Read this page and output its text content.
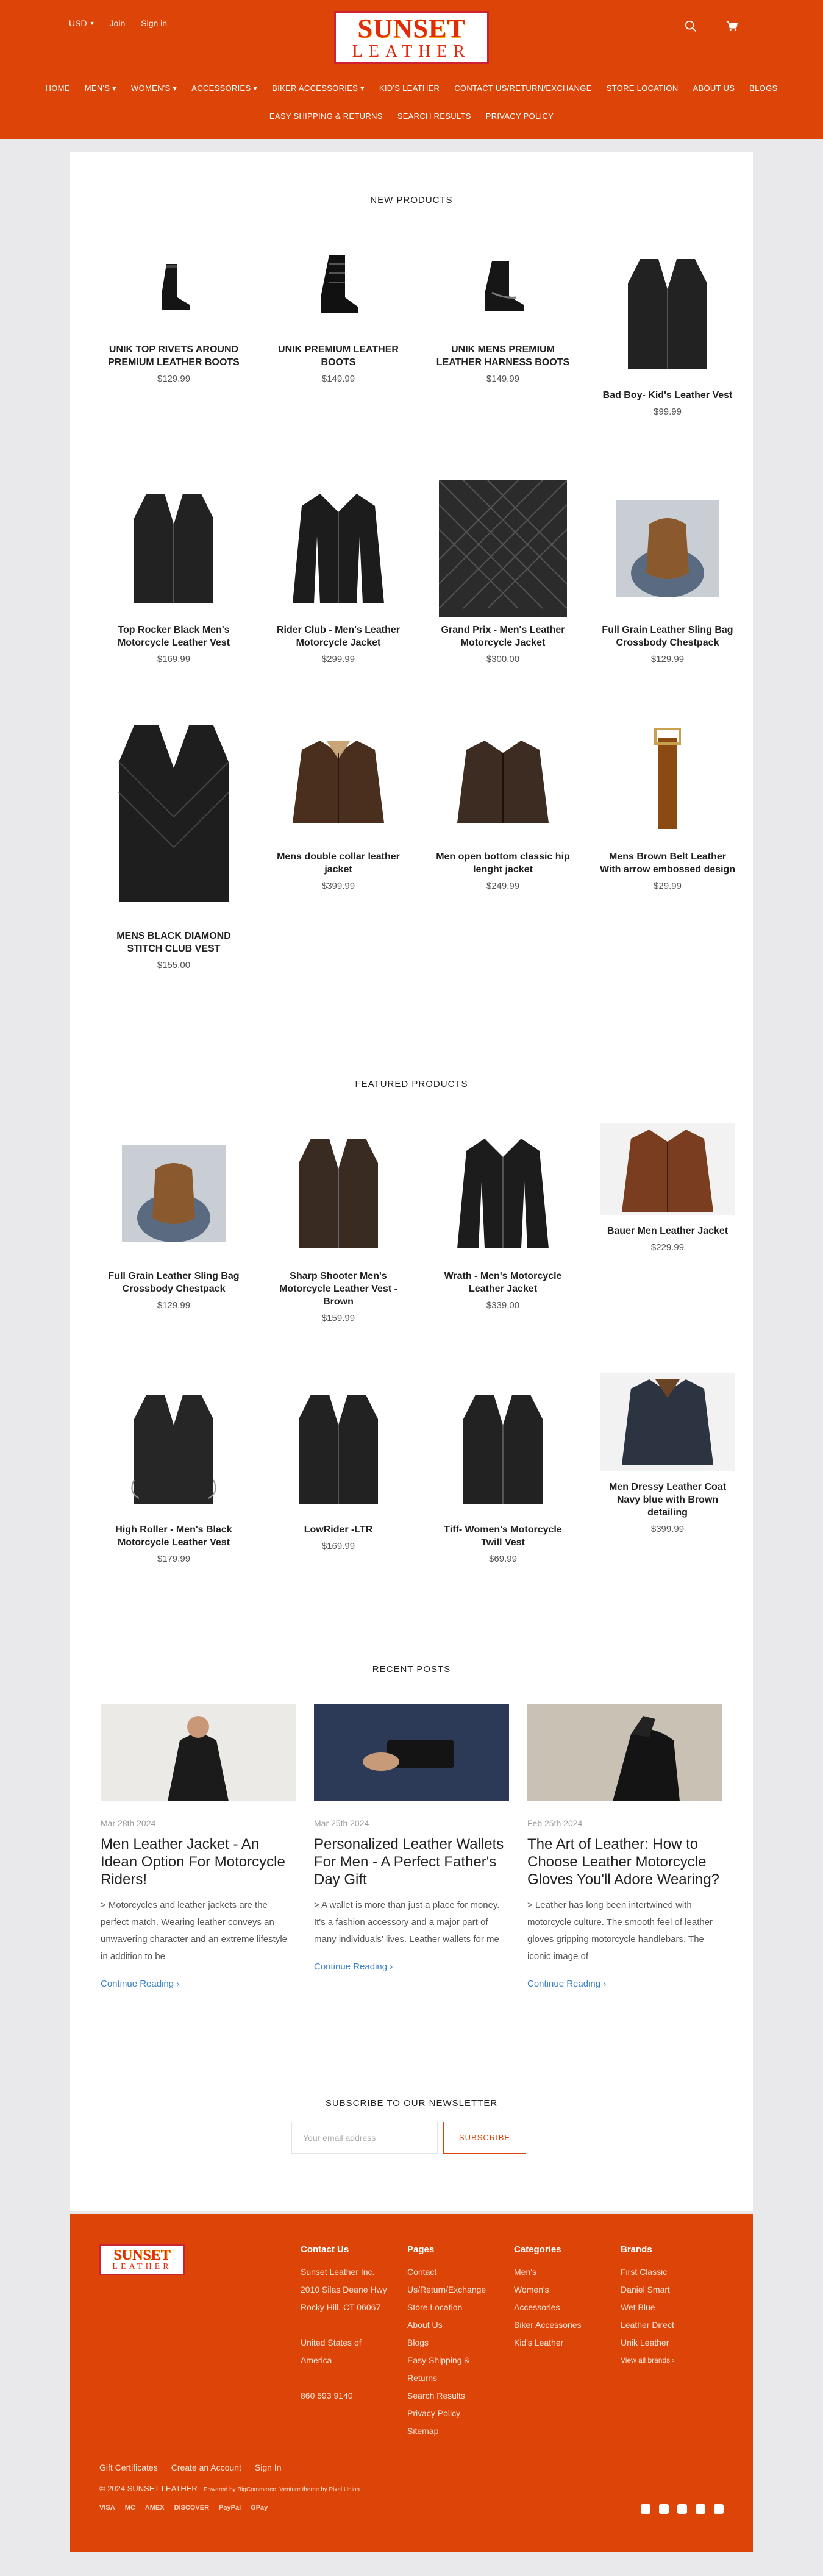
USD ▾ Join Sign in	SUNSET
LEATHER
HOME MEN'S ▾ WOMEN'S ▾ ACCESSORIES ▾ BIKER ACCESSORIES ▾ KID'S LEATHER CONTACT US/RETURN/EXCHANGE STORE LOCATION ABOUT US BLOGS
EASY SHIPPING & RETURNS SEARCH RESULTS PRIVACY POLICY
NEW PRODUCTS
UNIK TOP RIVETS AROUND PREMIUM LEATHER BOOTS
$129.99
UNIK PREMIUM LEATHER BOOTS
$149.99
UNIK MENS PREMIUM LEATHER HARNESS BOOTS
$149.99
Bad Boy- Kid's Leather Vest
$99.99
Top Rocker Black Men's Motorcycle Leather Vest
$169.99
Rider Club - Men's Leather Motorcycle Jacket
$299.99
Grand Prix - Men's Leather Motorcycle Jacket
$300.00
Full Grain Leather Sling Bag Crossbody Chestpack
$129.99
MENS BLACK DIAMOND STITCH CLUB VEST
$155.00
Mens double collar leather jacket
$399.99
Men open bottom classic hip lenght jacket
$249.99
Mens Brown Belt Leather With arrow embossed design
$29.99
FEATURED PRODUCTS
Full Grain Leather Sling Bag Crossbody Chestpack
$129.99
Sharp Shooter Men's Motorcycle Leather Vest - Brown
$159.99
Wrath - Men's Motorcycle Leather Jacket
$339.00
Bauer Men Leather Jacket
$229.99
High Roller - Men's Black Motorcycle Leather Vest
$179.99
LowRider -LTR
$169.99
Tiff- Women's Motorcycle Twill Vest
$69.99
Men Dressy Leather Coat Navy blue with Brown detailing
$399.99
RECENT POSTS
Mar 28th 2024
Men Leather Jacket - An Idean Option For Motorcycle Riders!
> Motorcycles and leather jackets are the perfect match. Wearing leather conveys an unwavering character and an extreme lifestyle in addition to be
Continue Reading ›
Mar 25th 2024
Personalized Leather Wallets For Men - A Perfect Father's Day Gift
> A wallet is more than just a place for money. It's a fashion accessory and a major part of many individuals' lives. Leather wallets for me
Continue Reading ›
Feb 25th 2024
The Art of Leather: How to Choose Leather Motorcycle Gloves You'll Adore Wearing?
> Leather has long been intertwined with motorcycle culture. The smooth feel of leather gloves gripping motorcycle handlebars. The iconic image of
Continue Reading ›
SUBSCRIBE TO OUR NEWSLETTER
Your email address	SUBSCRIBE
SUNSET
LEATHER
Contact Us
Sunset Leather Inc.
2010 Silas Deane Hwy
Rocky Hill, CT 06067

United States of
America

860 593 9140
Pages
Contact
Us/Return/Exchange
Store Location
About Us
Blogs
Easy Shipping &
Returns
Search Results
Privacy Policy
Sitemap
Categories
Men's
Women's
Accessories
Biker Accessories
Kid's Leather
Brands
First Classic
Daniel Smart
Wet Blue
Leather Direct
Unik Leather
View all brands ›
Gift Certificates Create an Account Sign In
© 2024 SUNSET LEATHER Powered by BigCommerce. Venture theme by Pixel Union
VISA MC AMEX DISCOVER PayPal GPay
